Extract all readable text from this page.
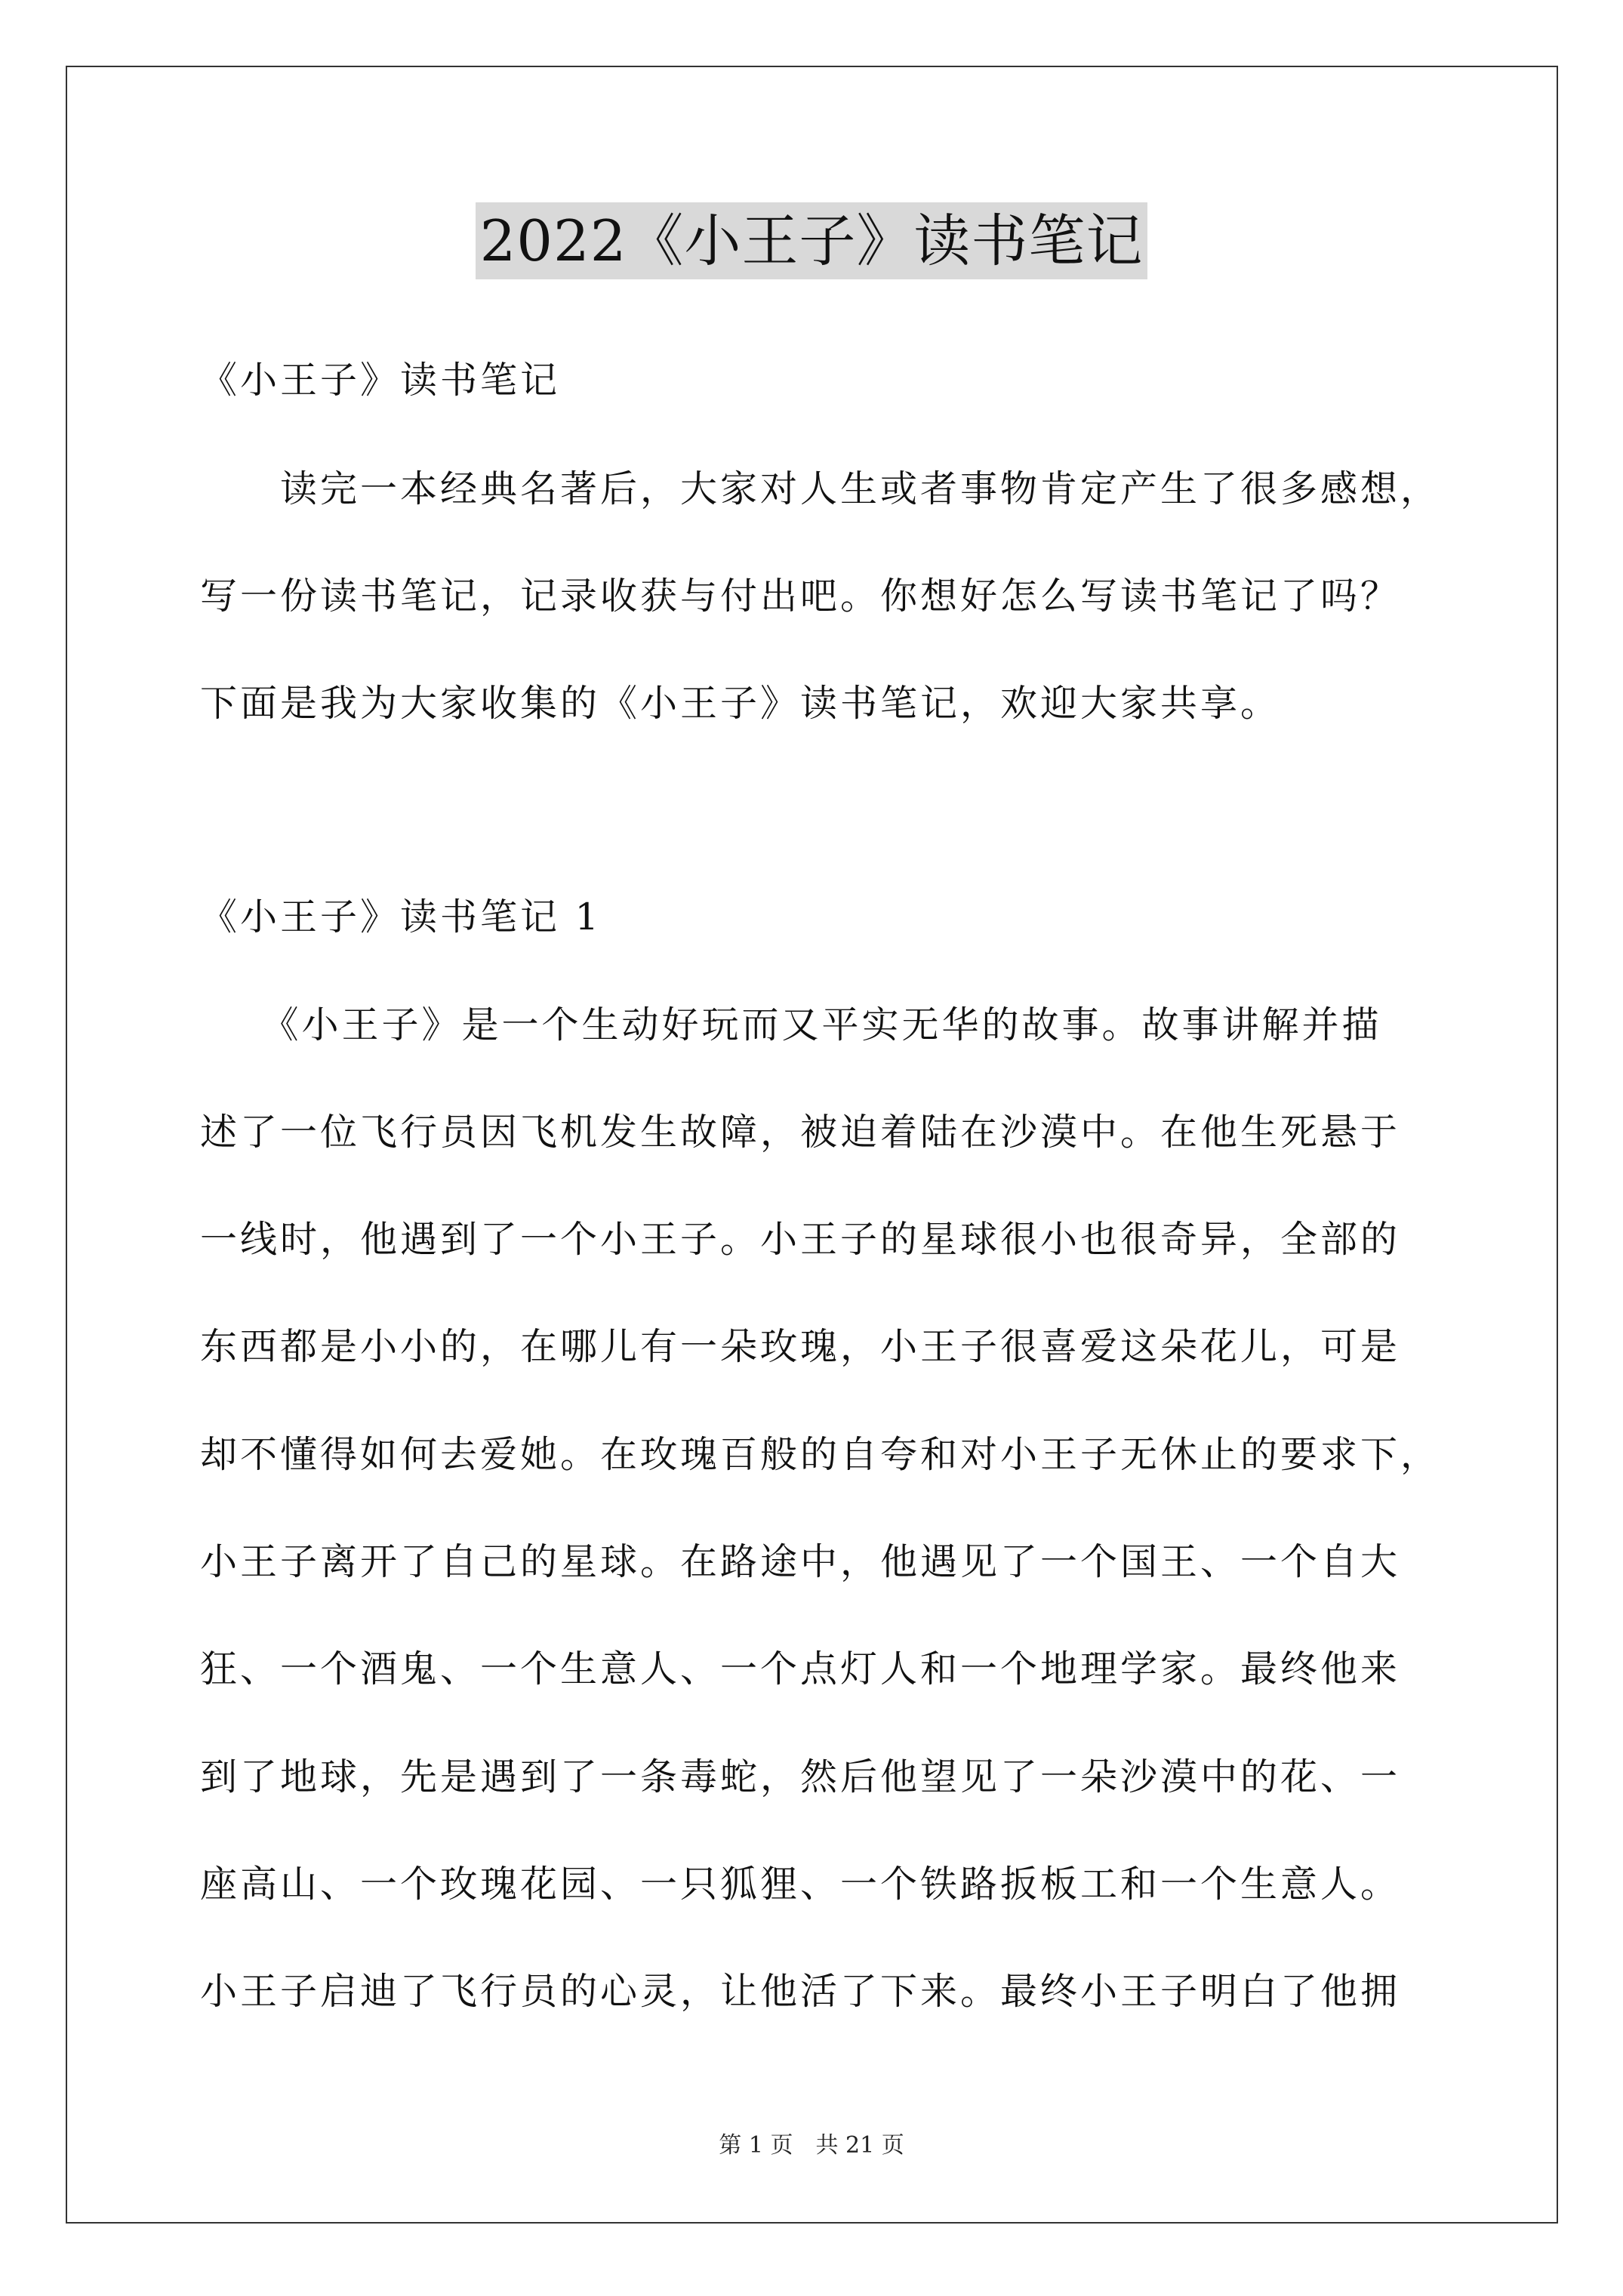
2022《小王子》读书笔记
《小王子》读书笔记
　　读完一本经典名著后，大家对人生或者事物肯定产生了很多感想，
写一份读书笔记，记录收获与付出吧。你想好怎么写读书笔记了吗？
下面是我为大家收集的《小王子》读书笔记，欢迎大家共享。
《小王子》读书笔记 1
　　《小王子》是一个生动好玩而又平实无华的故事。故事讲解并描
述了一位飞行员因飞机发生故障，被迫着陆在沙漠中。在他生死悬于
一线时，他遇到了一个小王子。小王子的星球很小也很奇异，全部的
东西都是小小的，在哪儿有一朵玫瑰，小王子很喜爱这朵花儿，可是
却不懂得如何去爱她。在玫瑰百般的自夸和对小王子无休止的要求下，
小王子离开了自己的星球。在路途中，他遇见了一个国王、一个自大
狂、一个酒鬼、一个生意人、一个点灯人和一个地理学家。最终他来
到了地球，先是遇到了一条毒蛇，然后他望见了一朵沙漠中的花、一
座高山、一个玫瑰花园、一只狐狸、一个铁路扳板工和一个生意人。
小王子启迪了飞行员的心灵，让他活了下来。最终小王子明白了他拥
第 1 页　共 21 页
